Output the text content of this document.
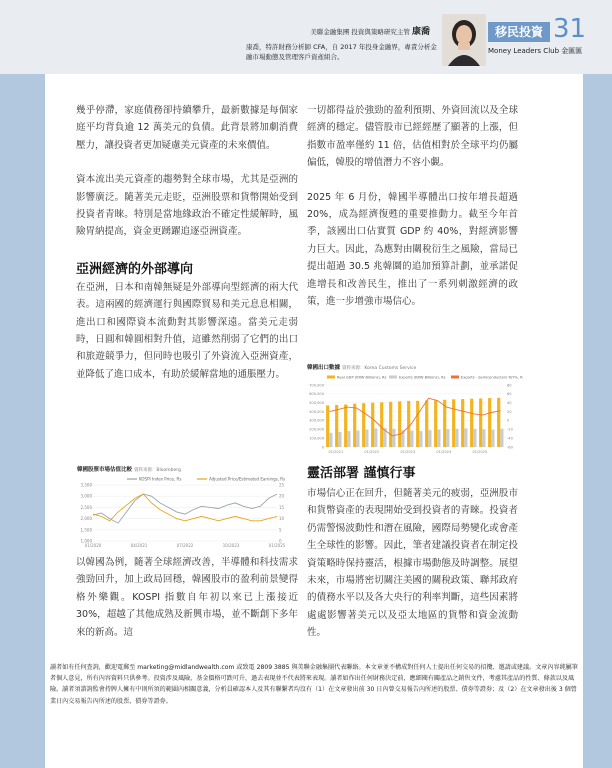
美聯金融集團 投資與策略研究主管 康喬
康喬，特許財務分析師 CFA，自 2017 年投身金融界，專責分析金融市場動態及管理客戶資產組合。
移民投資 31
Money Leaders Club 金匯匯

幾乎停滯，家庭債務卻持續攀升，最新數據是每個家庭平均背負逾 12 萬美元的負債。此背景將加劇消費壓力，讓投資者更加疑慮美元資產的未來價值。

資本流出美元資產的趨勢對全球市場，尤其是亞洲的影響廣泛。隨著美元走貶，亞洲股票和貨幣開始受到投資者青睞。特別是當地緣政治不確定性緩解時，風險胃納提高，資金更踴躍追逐亞洲資產。

亞洲經濟的外部導向

在亞洲，日本和南韓無疑是外部導向型經濟的兩大代表。這兩國的經濟運行與國際貿易和美元息息相關，進出口和國際資本流動對其影響深遠。當美元走弱時，日圓和韓圓相對升值，這雖然削弱了它們的出口和旅遊競爭力，但同時也吸引了外資流入亞洲資產，並降低了進口成本，有助於緩解當地的通脹壓力。

韓國股票市場估值比較 資料來源：Bloomberg
KOSPI Index Price, Rs	Adjusted Price/Estimated Earnings, Rs
3,500
3,000
2,500
2,000
1,500
1,000
25
20
15
10
5
0
01/2020	04/2021	07/2022	10/2023	01/2025

以韓國為例，隨著全球經濟改善，半導體和科技需求強勁回升，加上政局回穩，韓國股市的盈利前景變得格外樂觀。KOSPI 指數自年初以來已上漲接近 30%，超越了其他成熟及新興市場，並不斷創下多年來的新高。這

一切都得益於強勁的盈利預期、外資回流以及全球經濟的穩定。儘管股市已經經歷了顯著的上漲，但指數市盈率僅約 11 倍，估值相對於全球平均仍屬偏低，韓股的增值潛力不容小覷。

2025 年 6 月份，韓國半導體出口按年增長超過 20%，成為經濟復甦的重要推動力。截至今年首季，該國出口佔實質 GDP 約 40%，對經濟影響力巨大。因此，為應對由關稅衍生之風險，當局已提出超過 30.5 兆韓圜的追加預算計劃，並承諾促進增長和改善民生，推出了一系列刺激經濟的政策，進一步增強市場信心。

韓國出口數據 資料來源：Korea Customs Service
Real GDP (KRW Billions), Rs	Exports (KRW Billions), Rs	Exports - Semiconductors YoY%, Rs
700,000
600,000
500,000
400,000
300,000
200,000
100,000
0
80
60
40
20
0
-20
-40
-60
01/2021	01/2022	01/2023	01/2024	01/2025
靈活部署 謹慎行事

市場信心正在回升，但隨著美元的疲弱，亞洲股市和貨幣資產的表現開始受到投資者的青睞。投資者仍需警惕波動性和潛在風險，國際局勢變化或會產生全球性的影響。因此，筆者建議投資者在制定投資策略時保持靈活，根據市場動態及時調整。展望未來，市場將密切關注美國的關稅政策、聯邦政府的債務水平以及各大央行的利率判斷，這些因素將處處影響著美元以及亞太地區的貨幣和資金流動性。

讀者如有任何查詢，歡迎電郵至 marketing@midlandwealth.com 或致電 2809 3885 與美聯金融集團代表聯絡。本文章並不構成對任何人士提出任何交易的招攬、邀請或建議。文章內容純屬筆者個人意見，所有內容資料只供參考。投資涉及風險，基金價格可跌可升，過去表現並不代表將來表現。讀者如作出任何財務決定前，應細閱有關產品之銷售文件，考慮其產品的性質、條款以及風險。讀者須諮詢監會持牌人擁有中則所須的範圍內相關意義，分析員確認本人及其有聯繫者均沒有（1）在文章發出前 30 日內曾交易報告內所述的股票、債券等證券；及（2）在文章發出後 3 個營業日內交易報告內所述的股票、債券等證券。
